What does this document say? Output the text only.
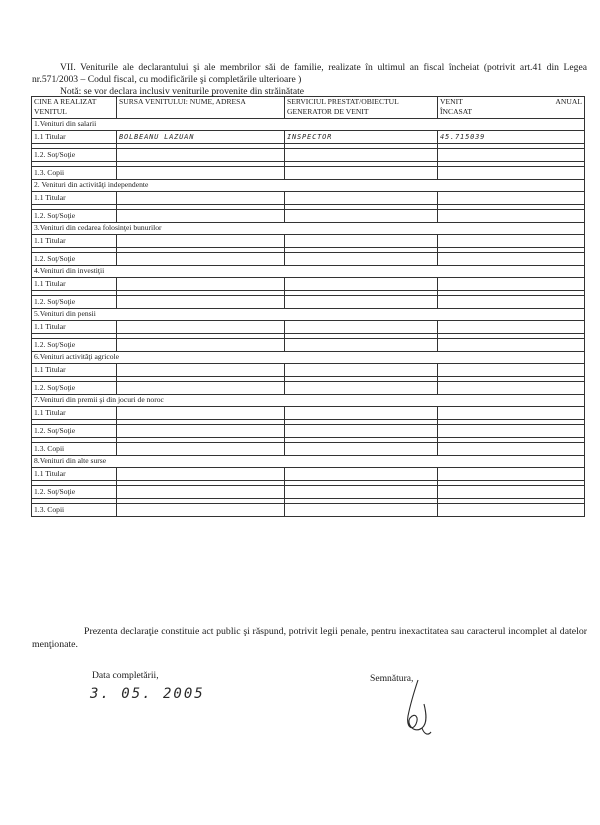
VII. Veniturile ale declarantului şi ale membrilor săi de familie, realizate în ultimul an fiscal încheiat (potrivit art.41 din Legea nr.571/2003 – Codul fiscal, cu modificările şi completările ulterioare )

Notă: se vor declara inclusiv veniturile provenite din străinătate

CINE A REALIZAT VENITUL	SURSA VENITULUI: NUME, ADRESA	SERVICIUL PRESTAT/OBIECTUL GENERATOR DE VENIT	VENIT ANUAL
ÎNCASAT

1.Venituri din salarii			
1.1 Titular	BOLBEANU LAZUAN	INSPECTOR	45.715039

1.2. Soţ/Soţie			

1.3. Copii			
2. Venituri din activităţi independente			
1.1 Titular			

1.2. Soţ/Soţie			
3.Venituri din cedarea folosinţei bunurilor			
1.1 Titular			

1.2. Soţ/Soţie			
4.Venituri din investiţii			
1.1 Titular			

1.2. Soţ/Soţie			
5.Venituri din pensii			
1.1 Titular			

1.2. Soţ/Soţie			
6.Venituri activităţi agricole			
1.1 Titular			

1.2. Soţ/Soţie			
7.Venituri din premii şi din jocuri de noroc			
1.1 Titular			

1.2. Soţ/Soţie			

1.3. Copii			
8.Venituri din alte surse			
1.1 Titular			

1.2. Soţ/Soţie			

1.3. Copii			

Prezenta declaraţie constituie act public şi răspund, potrivit legii penale, pentru inexactitatea sau caracterul incomplet al datelor menţionate.

Data completării,
3. 05. 2005
Semnătura,
